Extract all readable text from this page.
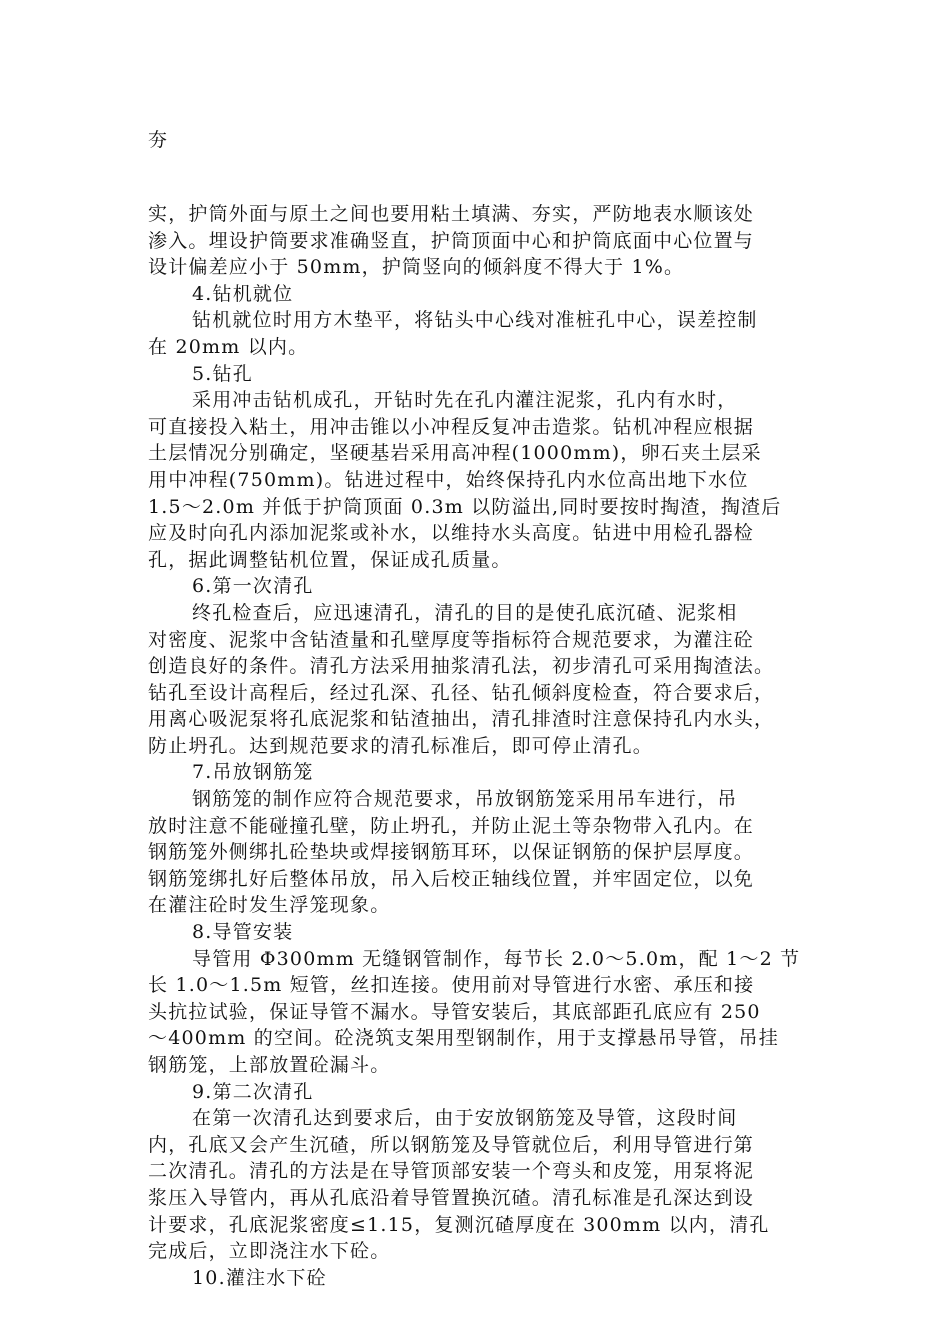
夯
实，护筒外面与原土之间也要用粘土填满、夯实，严防地表水顺该处
渗入。埋设护筒要求准确竖直，护筒顶面中心和护筒底面中心位置与
设计偏差应小于 50mm，护筒竖向的倾斜度不得大于 1%。
4.钻机就位
钻机就位时用方木垫平，将钻头中心线对准桩孔中心，误差控制
在 20mm 以内。
5.钻孔
采用冲击钻机成孔，开钻时先在孔内灌注泥浆，孔内有水时，
可直接投入粘土，用冲击锥以小冲程反复冲击造浆。钻机冲程应根据
土层情况分别确定，坚硬基岩采用高冲程(1000mm)，卵石夹土层采
用中冲程(750mm)。钻进过程中，始终保持孔内水位高出地下水位
1.5～2.0m 并低于护筒顶面 0.3m 以防溢出,同时要按时掏渣，掏渣后
应及时向孔内添加泥浆或补水，以维持水头高度。钻进中用检孔器检
孔，据此调整钻机位置，保证成孔质量。
6.第一次清孔
终孔检查后，应迅速清孔，清孔的目的是使孔底沉碴、泥浆相
对密度、泥浆中含钻渣量和孔壁厚度等指标符合规范要求，为灌注砼
创造良好的条件。清孔方法采用抽浆清孔法，初步清孔可采用掏渣法。
钻孔至设计高程后，经过孔深、孔径、钻孔倾斜度检查，符合要求后，
用离心吸泥泵将孔底泥浆和钻渣抽出，清孔排渣时注意保持孔内水头，
防止坍孔。达到规范要求的清孔标准后，即可停止清孔。
7.吊放钢筋笼
钢筋笼的制作应符合规范要求，吊放钢筋笼采用吊车进行，吊
放时注意不能碰撞孔壁，防止坍孔，并防止泥土等杂物带入孔内。在
钢筋笼外侧绑扎砼垫块或焊接钢筋耳环，以保证钢筋的保护层厚度。
钢筋笼绑扎好后整体吊放，吊入后校正轴线位置，并牢固定位，以免
在灌注砼时发生浮笼现象。
8.导管安装
导管用 Φ300mm 无缝钢管制作，每节长 2.0～5.0m，配 1～2 节
长 1.0～1.5m 短管，丝扣连接。使用前对导管进行水密、承压和接
头抗拉试验，保证导管不漏水。导管安装后，其底部距孔底应有 250
～400mm 的空间。砼浇筑支架用型钢制作，用于支撑悬吊导管，吊挂
钢筋笼，上部放置砼漏斗。
9.第二次清孔
在第一次清孔达到要求后，由于安放钢筋笼及导管，这段时间
内，孔底又会产生沉碴，所以钢筋笼及导管就位后，利用导管进行第
二次清孔。清孔的方法是在导管顶部安装一个弯头和皮笼，用泵将泥
浆压入导管内，再从孔底沿着导管置换沉碴。清孔标准是孔深达到设
计要求，孔底泥浆密度≤1.15，复测沉碴厚度在 300mm 以内，清孔
完成后，立即浇注水下砼。
10.灌注水下砼
